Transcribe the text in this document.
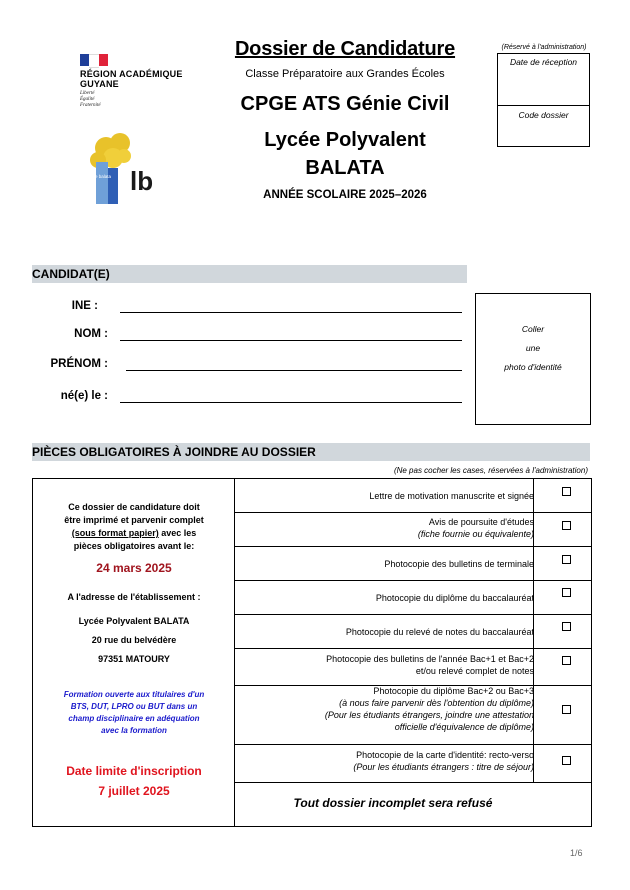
RÉGION ACADÉMIQUE
GUYANE
Liberté
Égalité
Fraternité
lb
lycée balata
Dossier de Candidature
Classe Préparatoire aux Grandes Écoles
CPGE ATS Génie Civil
Lycée Polyvalent
BALATA
ANNÉE SCOLAIRE 2025–2026
(Réservé à l'administration)
Date de réception
Code dossier
CANDIDAT(E)
INE :
NOM :
PRÉNOM :
né(e) le :
Coller
une
photo d'identité
PIÈCES OBLIGATOIRES À JOINDRE AU DOSSIER
(Ne pas cocher les cases, réservées à l'administration)
Ce dossier de candidature doit
être imprimé et parvenir complet
(sous format papier) avec les
pièces obligatoires avant le:
24 mars 2025
A l'adresse de l'établissement :
Lycée Polyvalent BALATA
20 rue du belvédère
97351 MATOURY
Formation ouverte aux titulaires d'un
BTS, DUT, LPRO ou BUT dans un
champ disciplinaire en adéquation
avec la formation
Date limite d'inscription
7 juillet 2025
Lettre de motivation manuscrite et signée
Avis de poursuite d'études
(fiche fournie ou équivalente)
Photocopie des bulletins de terminale
Photocopie du diplôme du baccalauréat
Photocopie du relevé de notes du baccalauréat
Photocopie des bulletins de l'année Bac+1 et Bac+2
et/ou relevé complet de notes
Photocopie du diplôme Bac+2 ou Bac+3
(à nous faire parvenir dès l'obtention du diplôme)
(Pour les étudiants étrangers, joindre une attestation
officielle d'équivalence de diplôme)
Photocopie de la carte d'identité: recto-verso
(Pour les étudiants étrangers : titre de séjour)
Tout dossier incomplet sera refusé
1/6
